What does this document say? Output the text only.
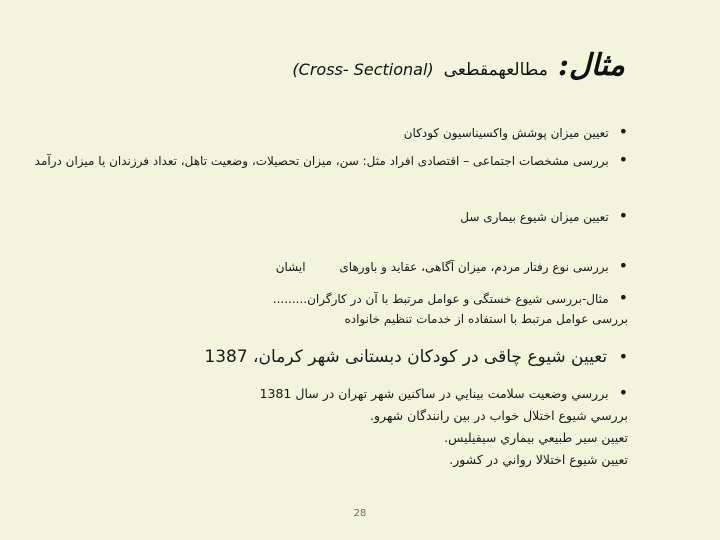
مثال:
مطالعهمقطعی
(Cross- Sectional)
• تعیین میزان پوشش واکسیناسیون کودکان
• بررسی مشخصات اجتماعی – اقتصادی افراد مثل: سن، میزان تحصیلات، وضعیت تاهل، تعداد فرزندان یا میزان درآمد
• تعیین میزان شیوع بیماری سل
• بررسی نوع رفتار مردم، میزان آگاهی، عقاید و باورهای ایشان
• مثال-بررسی شیوع خستگی و عوامل مرتبط با آن در کارگران.........
بررسی عوامل مرتبط با استفاده از خدمات تنظیم خانواده
• تعیین شیوع چاقی در کودکان دبستانی شهر کرمان، 1387
• بررسي وضعيت سلامت بينايي در ساكنين شهر تهران در سال 1381
بررسي شيوع اختلال خواب در بين رانندگان شهرو.
تعيين سير طبيعي بيماري سيفيليس.
تعيين شيوع اختلالا رواني در كشور.
28
